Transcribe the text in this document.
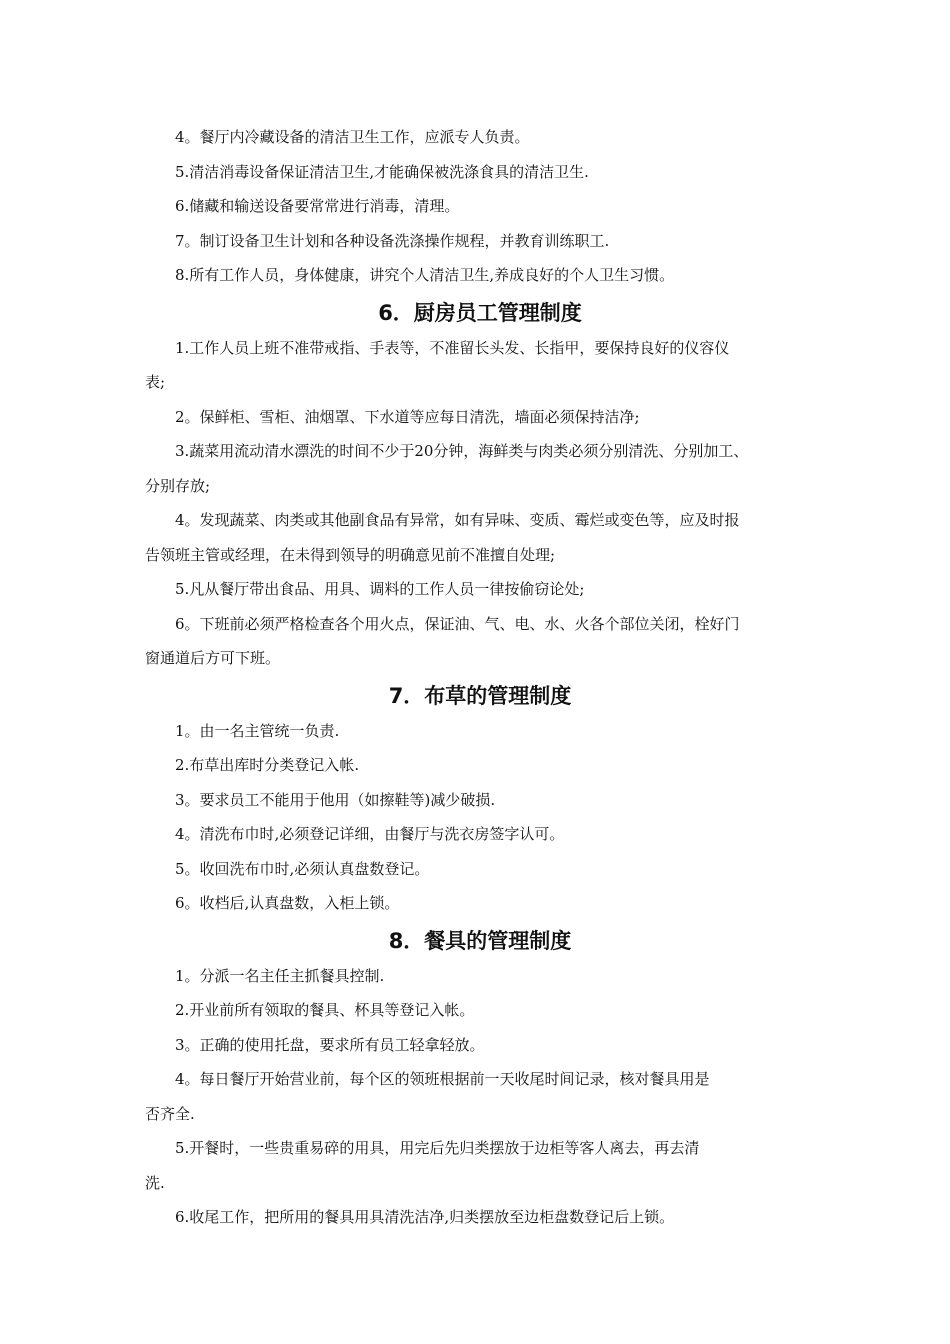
4。餐厅内冷藏设备的清洁卫生工作，应派专人负责。
5.清洁消毒设备保证清洁卫生,才能确保被洗涤食具的清洁卫生.
6.储藏和输送设备要常常进行消毒，清理。
7。制订设备卫生计划和各种设备洗涤操作规程，并教育训练职工.
8.所有工作人员，身体健康，讲究个人清洁卫生,养成良好的个人卫生习惯。
6．厨房员工管理制度
1.工作人员上班不准带戒指、手表等，不准留长头发、长指甲，要保持良好的仪容仪
表;
2。保鲜柜、雪柜、油烟罩、下水道等应每日清洗，墙面必须保持洁净;
3.蔬菜用流动清水漂洗的时间不少于20分钟，海鲜类与肉类必须分别清洗、分别加工、
分别存放;
4。发现蔬菜、肉类或其他副食品有异常，如有异味、变质、霉烂或变色等，应及时报
告领班主管或经理，在未得到领导的明确意见前不准擅自处理;
5.凡从餐厅带出食品、用具、调料的工作人员一律按偷窃论处;
6。下班前必须严格检查各个用火点，保证油、气、电、水、火各个部位关闭，栓好门
窗通道后方可下班。
7．布草的管理制度
1。由一名主管统一负责.
2.布草出库时分类登记入帐.
3。要求员工不能用于他用（如擦鞋等)减少破损.
4。清洗布巾时,必须登记详细，由餐厅与洗衣房签字认可。
5。收回洗布巾时,必须认真盘数登记。
6。收档后,认真盘数，入柜上锁。
8．餐具的管理制度
1。分派一名主任主抓餐具控制.
2.开业前所有领取的餐具、杯具等登记入帐。
3。正确的使用托盘，要求所有员工轻拿轻放。
4。每日餐厅开始营业前，每个区的领班根据前一天收尾时间记录，核对餐具用是
否齐全.
5.开餐时，一些贵重易碎的用具，用完后先归类摆放于边柜等客人离去，再去清
洗.
6.收尾工作，把所用的餐具用具清洗洁净,归类摆放至边柜盘数登记后上锁。
